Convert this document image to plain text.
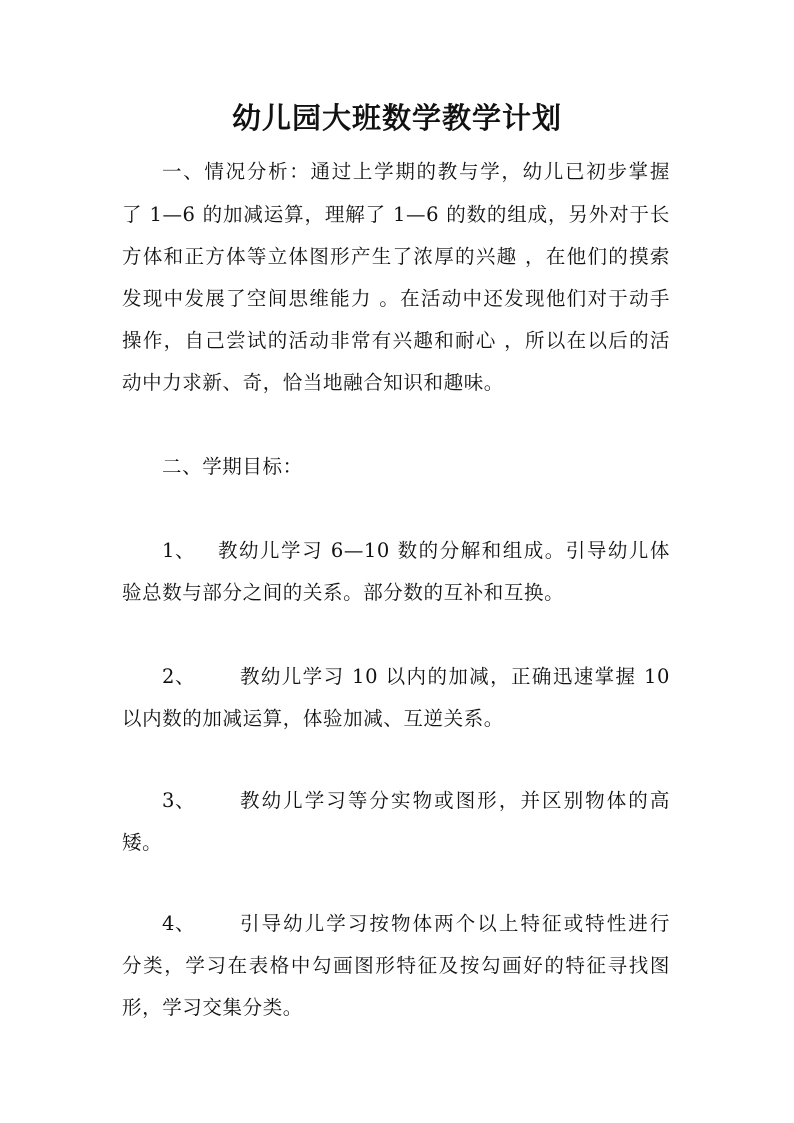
幼儿园大班数学教学计划
一、情况分析：通过上学期的教与学，幼儿已初步掌握
了 1—6 的加减运算，理解了 1—6 的数的组成，另外对于长
方体和正方体等立体图形产生了浓厚的兴趣 ，在他们的摸索
发现中发展了空间思维能力 。在活动中还发现他们对于动手
操作，自己尝试的活动非常有兴趣和耐心 ，所以在以后的活
动中力求新、奇，恰当地融合知识和趣味。
二、学期目标：
1、 教幼儿学习 6—10 数的分解和组成。引导幼儿体
验总数与部分之间的关系。部分数的互补和互换。
2、 教幼儿学习 10 以内的加减，正确迅速掌握 10
以内数的加减运算，体验加减、互逆关系。
3、 教幼儿学习等分实物或图形，并区别物体的高
矮。
4、 引导幼儿学习按物体两个以上特征或特性进行
分类，学习在表格中勾画图形特征及按勾画好的特征寻找图
形，学习交集分类。
